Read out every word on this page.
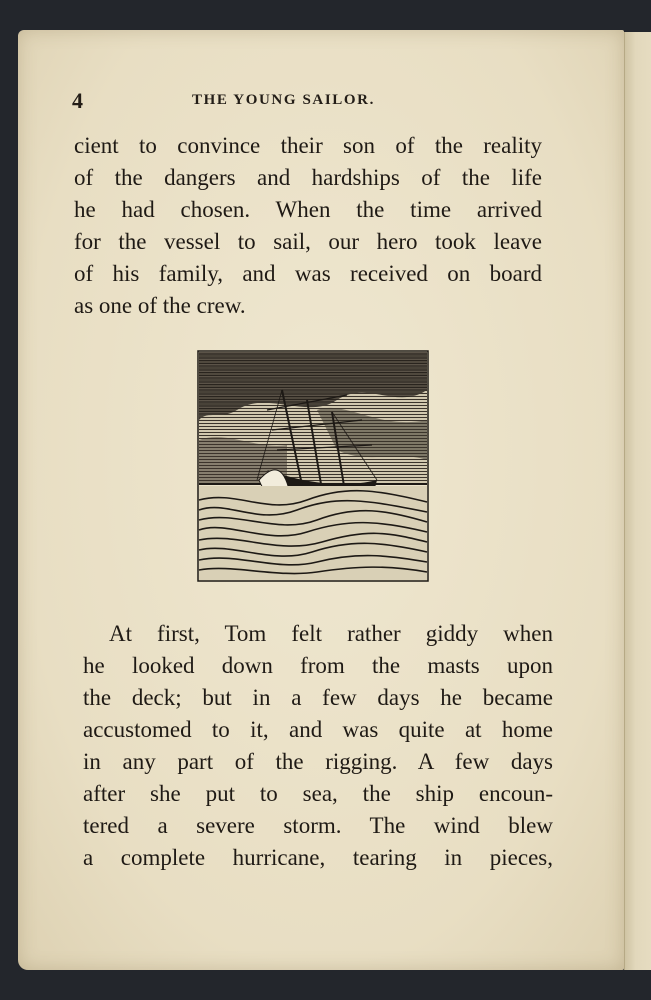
4	THE YOUNG SAILOR.

cient to convince their son of the reality
of the dangers and hardships of the life
he had chosen. When the time arrived
for the vessel to sail, our hero took leave
of his family, and was received on board
as one of the crew.

At first, Tom felt rather giddy when
he looked down from the masts upon
the deck; but in a few days he became
accustomed to it, and was quite at home
in any part of the rigging. A few days
after she put to sea, the ship encoun-
tered a severe storm. The wind blew
a complete hurricane, tearing in pieces,
